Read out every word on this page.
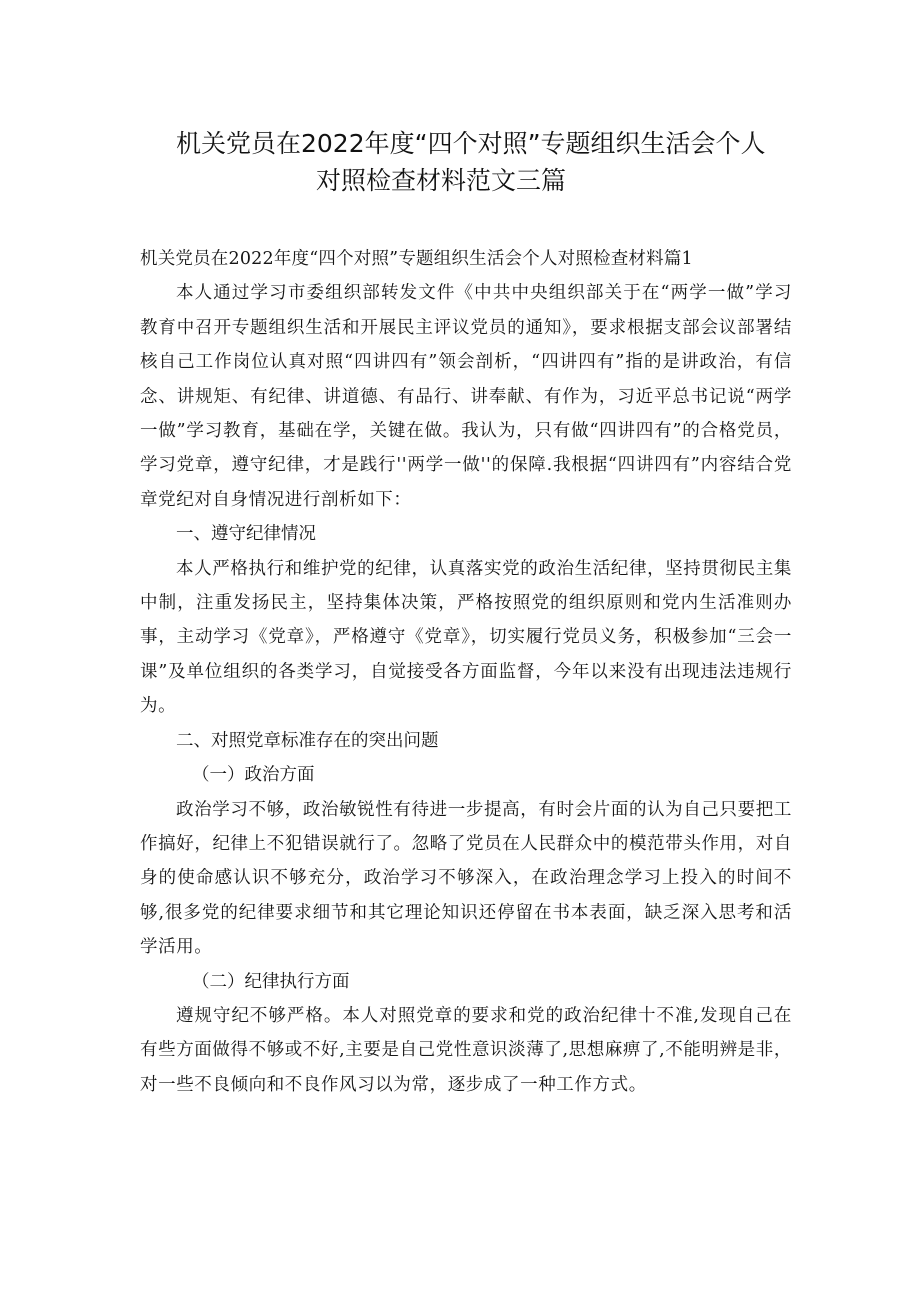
机关党员在2022年度“四个对照”专题组织生活会个人
对照检查材料范文三篇

机关党员在2022年度“四个对照”专题组织生活会个人对照检查材料篇1

本人通过学习市委组织部转发文件《中共中央组织部关于在“两学一做”学习教育中召开专题组织生活和开展民主评议党员的通知》，要求根据支部会议部署结核自己工作岗位认真对照“四讲四有”领会剖析，“四讲四有”指的是讲政治，有信念、讲规矩、有纪律、讲道德、有品行、讲奉献、有作为，习近平总书记说“两学一做”学习教育，基础在学，关键在做。我认为，只有做“四讲四有”的合格党员，学习党章，遵守纪律，才是践行''两学一做''的保障.我根据“四讲四有”内容结合党章党纪对自身情况进行剖析如下：

一、遵守纪律情况

本人严格执行和维护党的纪律，认真落实党的政治生活纪律，坚持贯彻民主集中制，注重发扬民主，坚持集体决策，严格按照党的组织原则和党内生活准则办事，主动学习《党章》，严格遵守《党章》，切实履行党员义务，积极参加“三会一课”及单位组织的各类学习，自觉接受各方面监督，今年以来没有出现违法违规行为。

二、对照党章标准存在的突出问题

（一）政治方面

政治学习不够，政治敏锐性有待进一步提高，有时会片面的认为自己只要把工作搞好，纪律上不犯错误就行了。忽略了党员在人民群众中的模范带头作用，对自身的使命感认识不够充分，政治学习不够深入，在政治理念学习上投入的时间不够,很多党的纪律要求细节和其它理论知识还停留在书本表面，缺乏深入思考和活学活用。

（二）纪律执行方面

遵规守纪不够严格。本人对照党章的要求和党的政治纪律十不准,发现自己在有些方面做得不够或不好,主要是自己党性意识淡薄了,思想麻痹了,不能明辨是非，对一些不良倾向和不良作风习以为常，逐步成了一种工作方式。
